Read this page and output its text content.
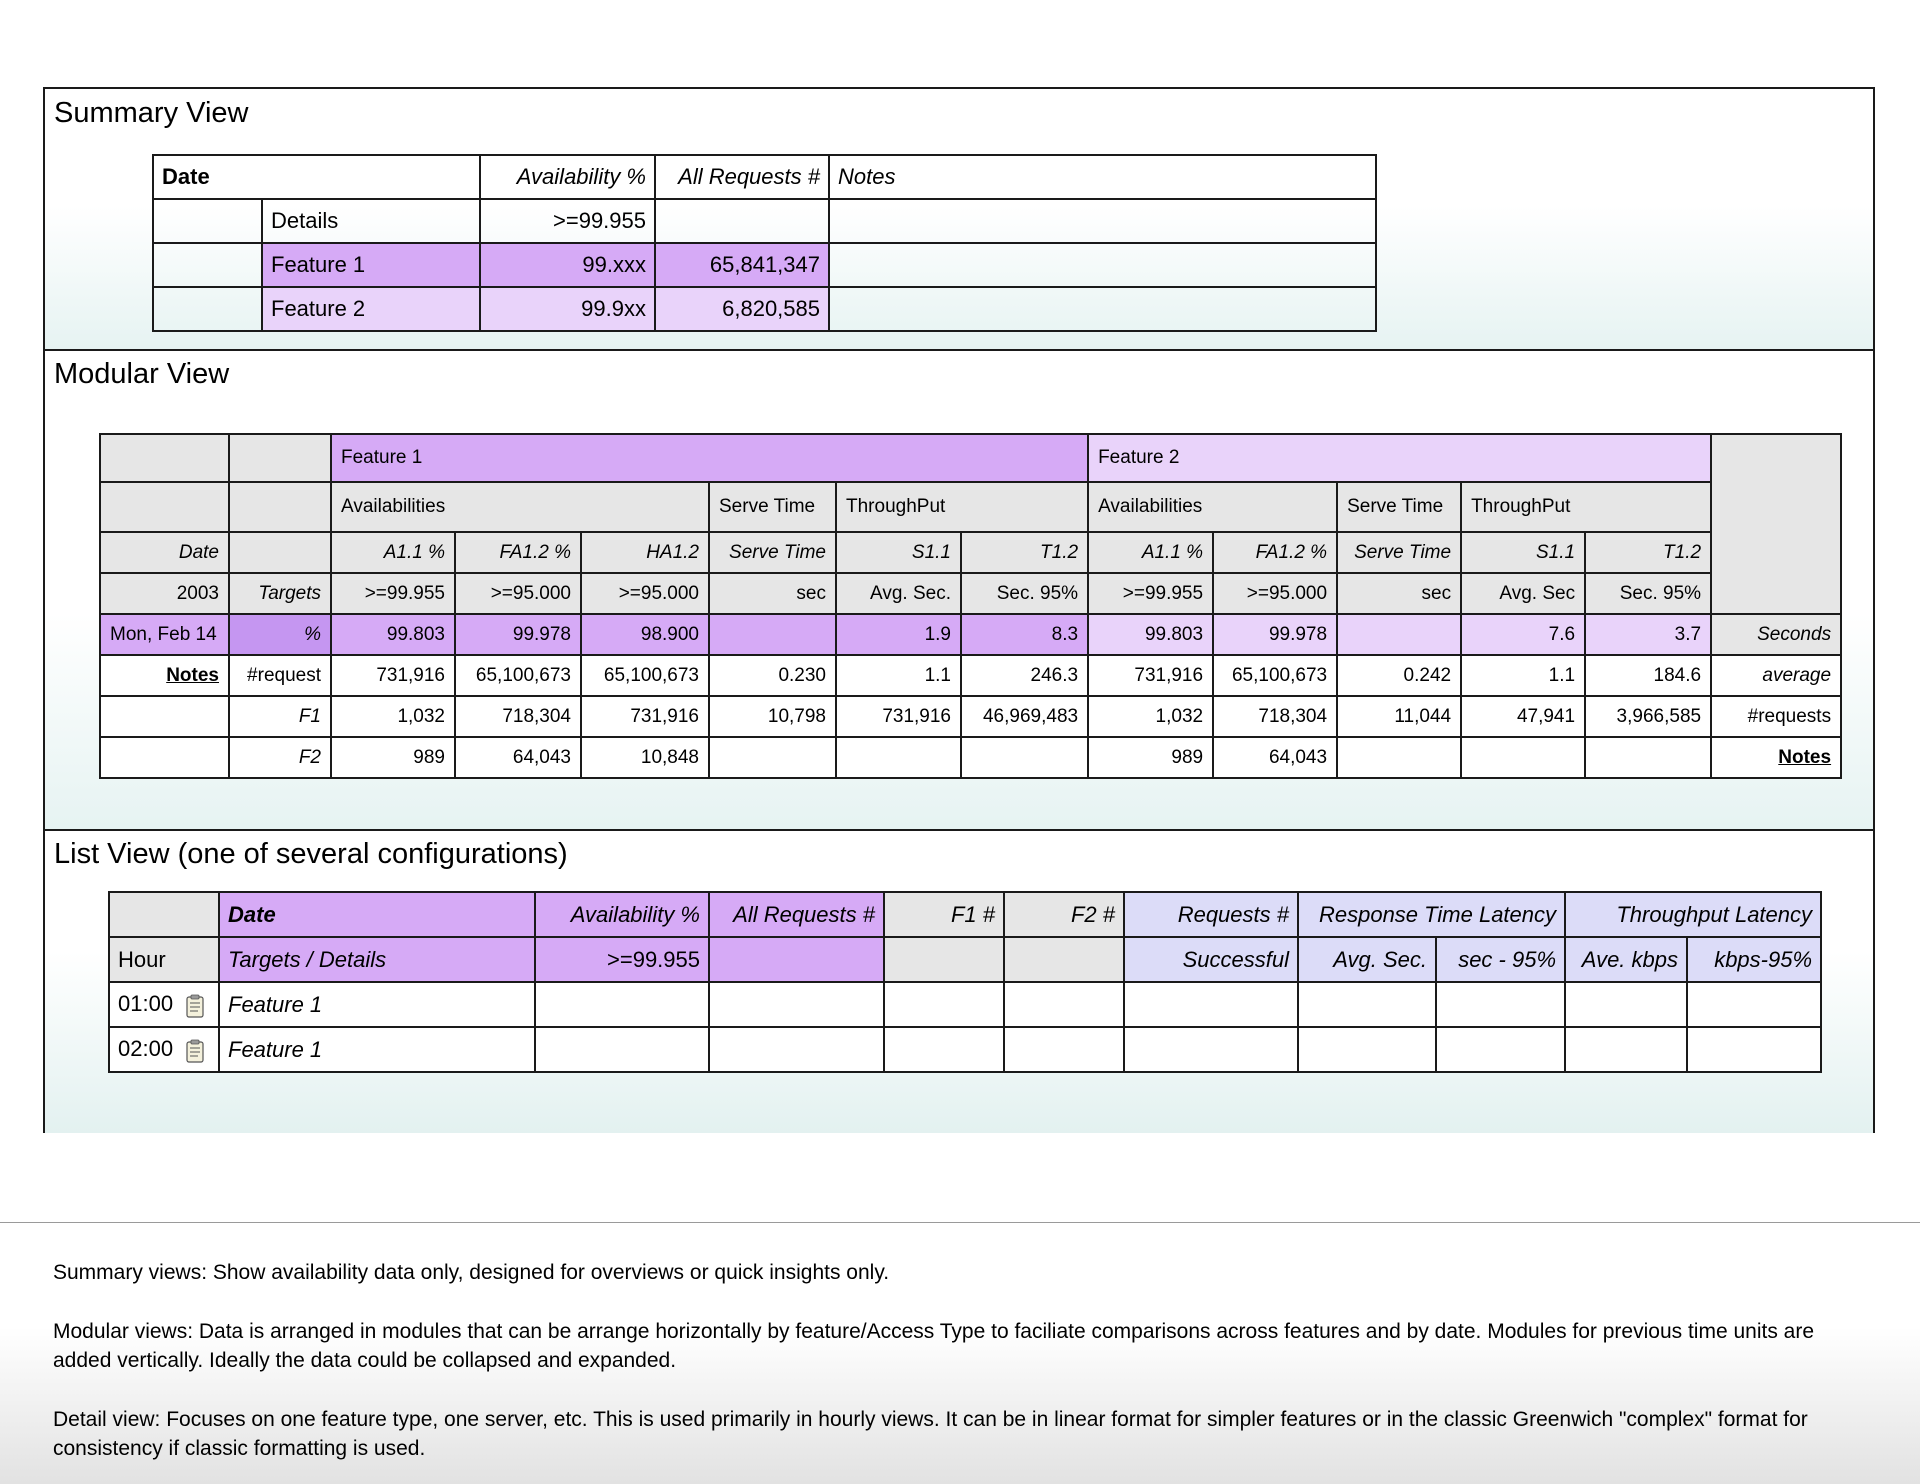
Summary View
Date		Availability %	All Requests #	Notes
	Details	>=99.955		
	Feature 1	99.xxx	65,841,347	
	Feature 2	99.9xx	6,820,585	
Modular View
		Feature 1						Feature 2					
		Availabilities			Serve Time	ThroughPut		Availabilities		Serve Time	ThroughPut		
Date		A1.1 %	FA1.2 %	HA1.2	Serve Time	S1.1	T1.2	A1.1 %	FA1.2 %	Serve Time	S1.1	T1.2	
2003	Targets	>=99.955	>=95.000	>=95.000	sec	Avg. Sec.	Sec. 95%	>=99.955	>=95.000	sec	Avg. Sec	Sec. 95%	
Mon, Feb 14	%	99.803	99.978	98.900		1.9	8.3	99.803	99.978		7.6	3.7	Seconds
Notes	#request	731,916	65,100,673	65,100,673	0.230	1.1	246.3	731,916	65,100,673	0.242	1.1	184.6	average
	F1	1,032	718,304	731,916	10,798	731,916	46,969,483	1,032	718,304	11,044	47,941	3,966,585	#requests
	F2	989	64,043	10,848				989	64,043				Notes
List View (one of several configurations)
	Date	Availability %	All Requests #	F1 #	F2 #	Requests #	Response Time Latency		Throughput Latency	
Hour	Targets / Details	>=99.955				Successful	Avg. Sec.	sec - 95%	Ave. kbps	kbps-95%
01:00	Feature 1									
02:00	Feature 1									

Summary views: Show availability data only, designed for overviews or quick insights only.

Modular views: Data is arranged in modules that can be arrange horizontally by feature/Access Type to faciliate comparisons across features and by date. Modules for previous time units are added vertically. Ideally the data could be collapsed and expanded.

Detail view: Focuses on one feature type, one server, etc. This is used primarily in hourly views. It can be in linear format for simpler features or in the classic Greenwich "complex" format for consistency if classic formatting is used.
